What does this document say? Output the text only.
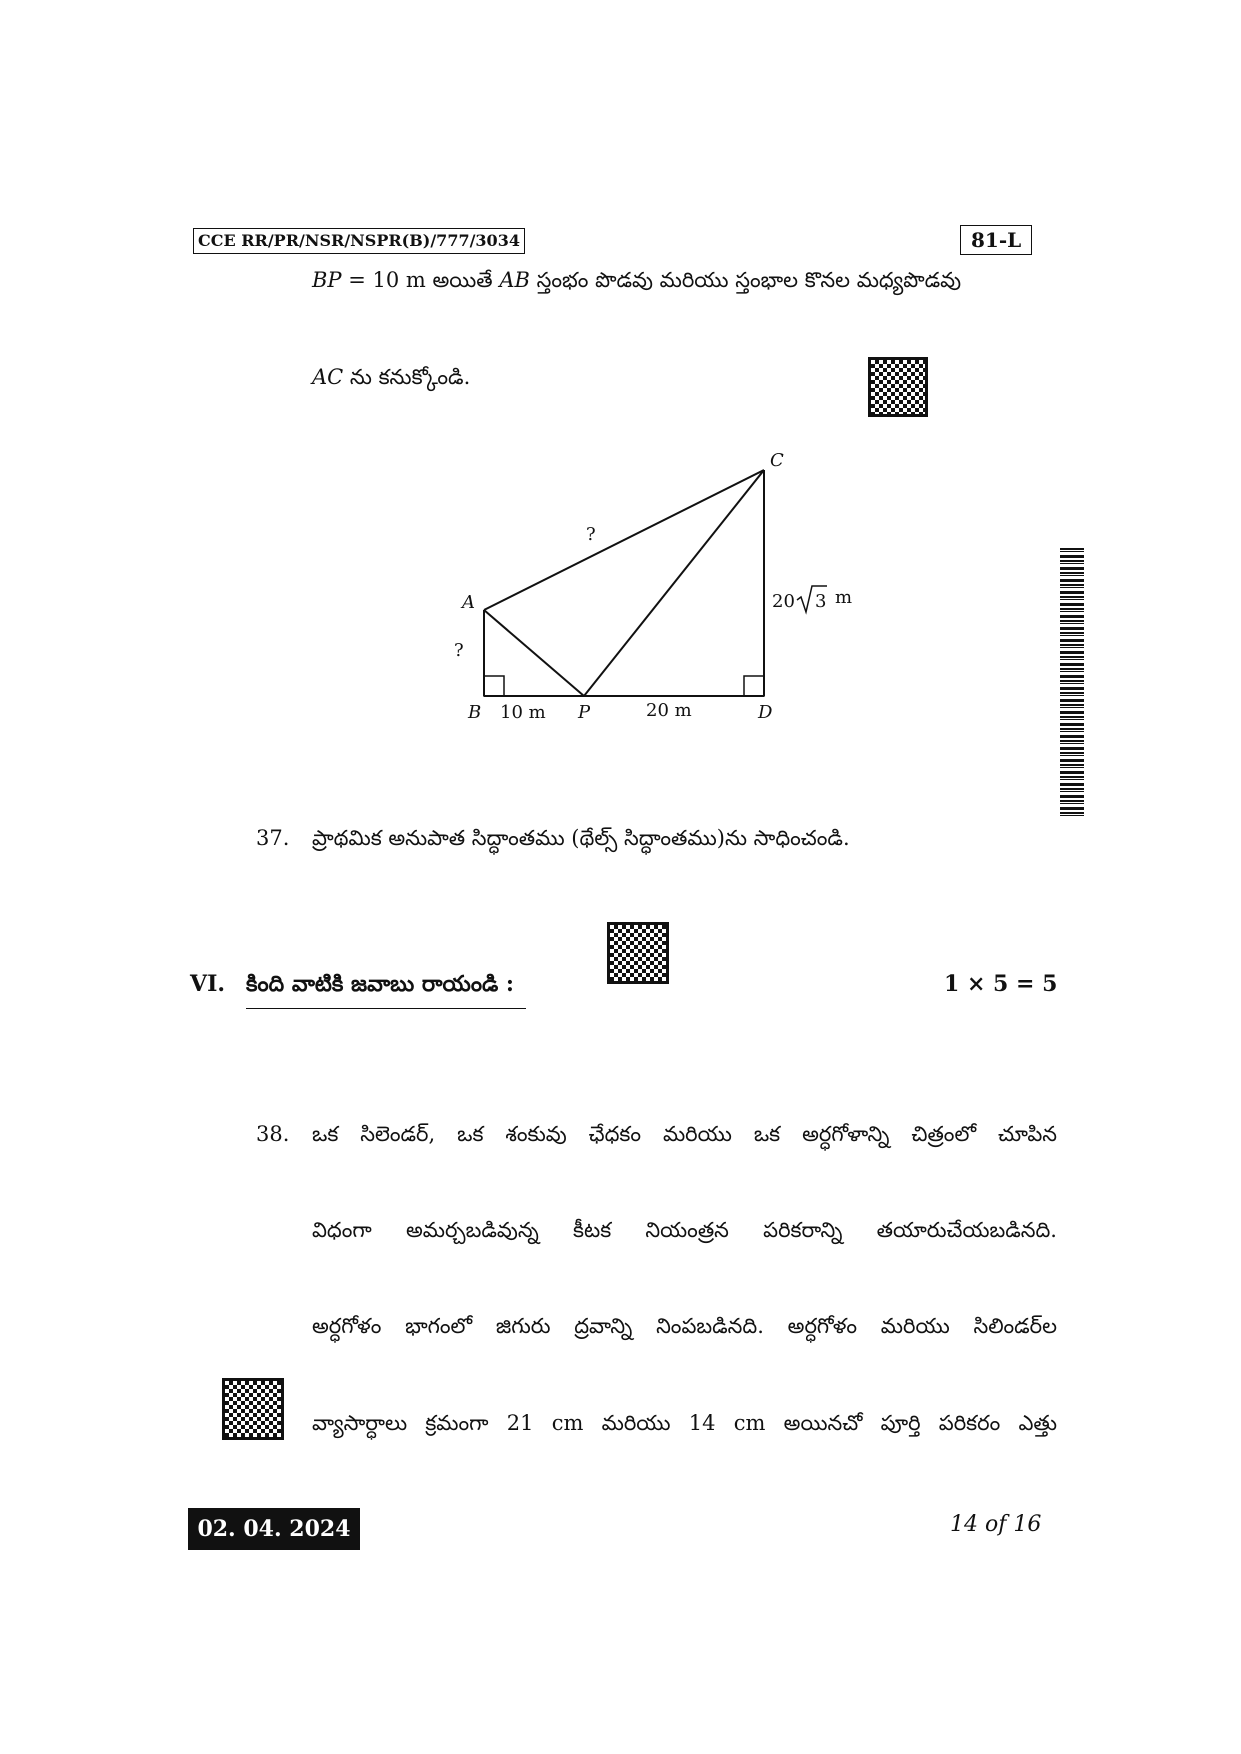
CCE RR/PR/NSR/NSPR(B)/777/3034	81-L
BP = 10 m అయితే AB స్తంభం పొడవు మరియు స్తంభాల కొనల మధ్యపొడవు
AC ను కనుక్కోండి.
A
B
C
D
P
?
?
10 m	20 m
20 3 m
37. ప్రాథమిక అనుపాత సిద్ధాంతము (థేల్స్ సిద్ధాంతము)ను సాధించండి.
VI. కింది వాటికి జవాబు రాయండి :	1 × 5 = 5
38. ఒక సిలెండర్, ఒక శంకువు ఛేధకం మరియు ఒక అర్ధగోళాన్ని చిత్రంలో చూపిన
విధంగా అమర్చబడివున్న కీటక నియంత్రన పరికరాన్ని తయారుచేయబడినది.
అర్ధగోళం భాగంలో జిగురు ద్రవాన్ని నింపబడినది. అర్ధగోళం మరియు సిలిండర్‌ల
వ్యాసార్ధాలు క్రమంగా 21 cm మరియు 14 cm అయినచో పూర్తి పరికరం ఎత్తు
02. 04. 2024	14 of 16
